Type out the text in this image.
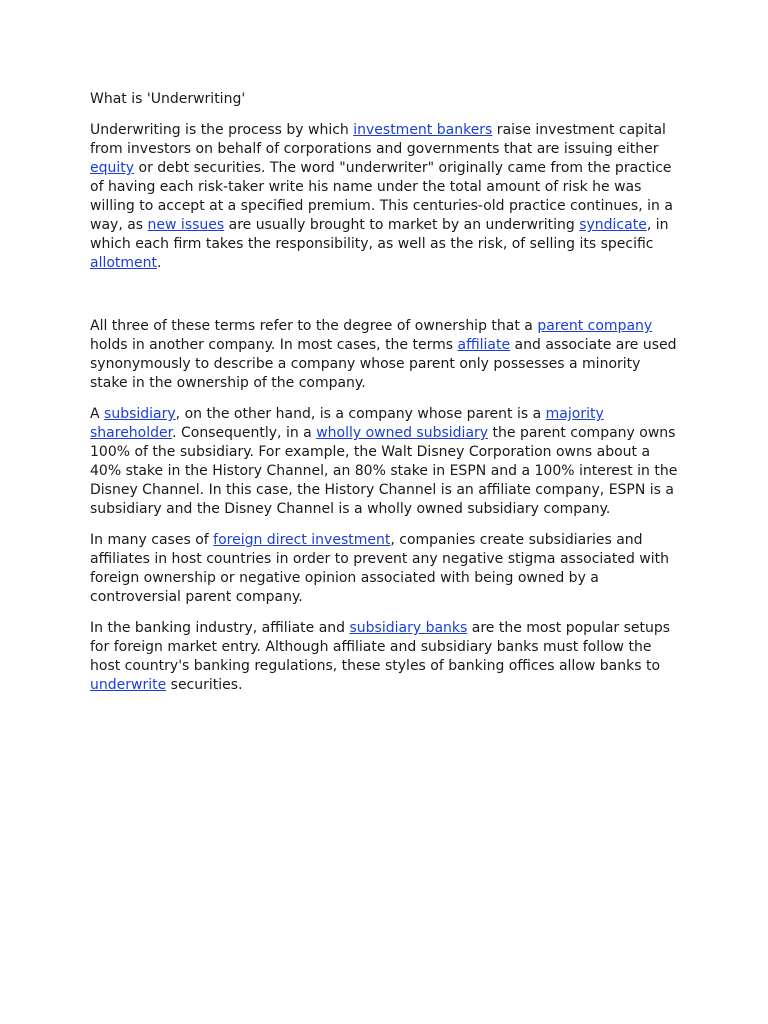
What is 'Underwriting'

Underwriting is the process by which investment bankers raise investment capital from investors on behalf of corporations and governments that are issuing either equity or debt securities. The word "underwriter" originally came from the practice of having each risk-taker write his name under the total amount of risk he was willing to accept at a specified premium. This centuries-old practice continues, in a way, as new issues are usually brought to market by an underwriting syndicate, in which each firm takes the responsibility, as well as the risk, of selling its specific allotment.

All three of these terms refer to the degree of ownership that a parent company holds in another company. In most cases, the terms affiliate and associate are used synonymously to describe a company whose parent only possesses a minority stake in the ownership of the company.

A subsidiary, on the other hand, is a company whose parent is a majority shareholder. Consequently, in a wholly owned subsidiary the parent company owns 100% of the subsidiary. For example, the Walt Disney Corporation owns about a 40% stake in the History Channel, an 80% stake in ESPN and a 100% interest in the Disney Channel. In this case, the History Channel is an affiliate company, ESPN is a subsidiary and the Disney Channel is a wholly owned subsidiary company.

In many cases of foreign direct investment, companies create subsidiaries and affiliates in host countries in order to prevent any negative stigma associated with foreign ownership or negative opinion associated with being owned by a controversial parent company.

In the banking industry, affiliate and subsidiary banks are the most popular setups for foreign market entry. Although affiliate and subsidiary banks must follow the host country's banking regulations, these styles of banking offices allow banks to underwrite securities.
